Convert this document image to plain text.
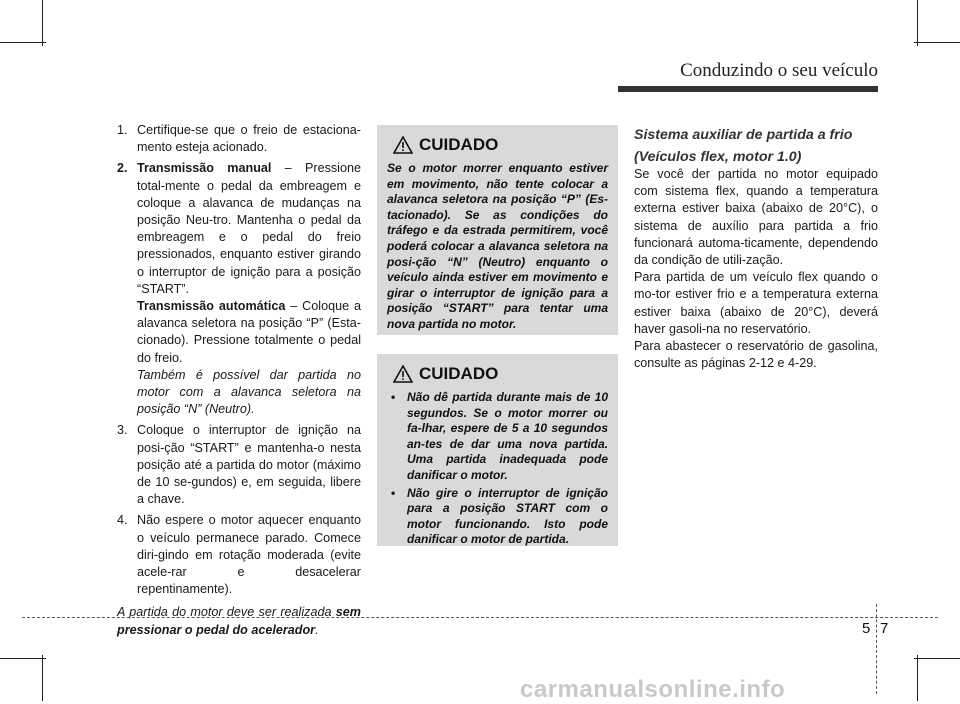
Conduzindo o seu veículo
1. Certifique-se que o freio de estaciona-mento esteja acionado.
2. Transmissão manual – Pressione total-mente o pedal da embreagem e coloque a alavanca de mudanças na posição Neu-tro. Mantenha o pedal da embreagem e o pedal do freio pressionados, enquanto estiver girando o interruptor de ignição para a posição “START”.
Transmissão automática – Coloque a alavanca seletora na posição “P” (Esta-cionado). Pressione totalmente o pedal do freio.
Também é possível dar partida no motor com a alavanca seletora na posição “N” (Neutro).
3. Coloque o interruptor de ignição na posi-ção “START” e mantenha-o nesta posição até a partida do motor (máximo de 10 se-gundos) e, em seguida, libere a chave.
4. Não espere o motor aquecer enquanto o veículo permanece parado. Comece diri-gindo em rotação moderada (evite acele-rar e desacelerar repentinamente).
A partida do motor deve ser realizada sem pressionar o pedal do acelerador.
CUIDADO
Se o motor morrer enquanto estiver em movimento, não tente colocar a alavanca seletora na posição “P” (Es-tacionado). Se as condições do tráfego e da estrada permitirem, você poderá colocar a alavanca seletora na posi-ção “N” (Neutro) enquanto o veículo ainda estiver em movimento e girar o interruptor de ignição para a posição “START” para tentar uma nova partida no motor.
CUIDADO
• Não dê partida durante mais de 10 segundos. Se o motor morrer ou fa-lhar, espere de 5 a 10 segundos an-tes de dar uma nova partida. Uma partida inadequada pode danificar o motor.
• Não gire o interruptor de ignição para a posição START com o motor funcionando. Isto pode danificar o motor de partida.
Sistema auxiliar de partida a frio
(Veículos flex, motor 1.0)

Se você der partida no motor equipado com sistema flex, quando a temperatura externa estiver baixa (abaixo de 20°C), o sistema de auxílio para partida a frio funcionará automa-ticamente, dependendo da condição de utili-zação.

Para partida de um veículo flex quando o mo-tor estiver frio e a temperatura externa estiver baixa (abaixo de 20°C), deverá haver gasoli-na no reservatório.

Para abastecer o reservatório de gasolina, consulte as páginas 2-12 e 4-29.

5 7
carmanualsonline.info
